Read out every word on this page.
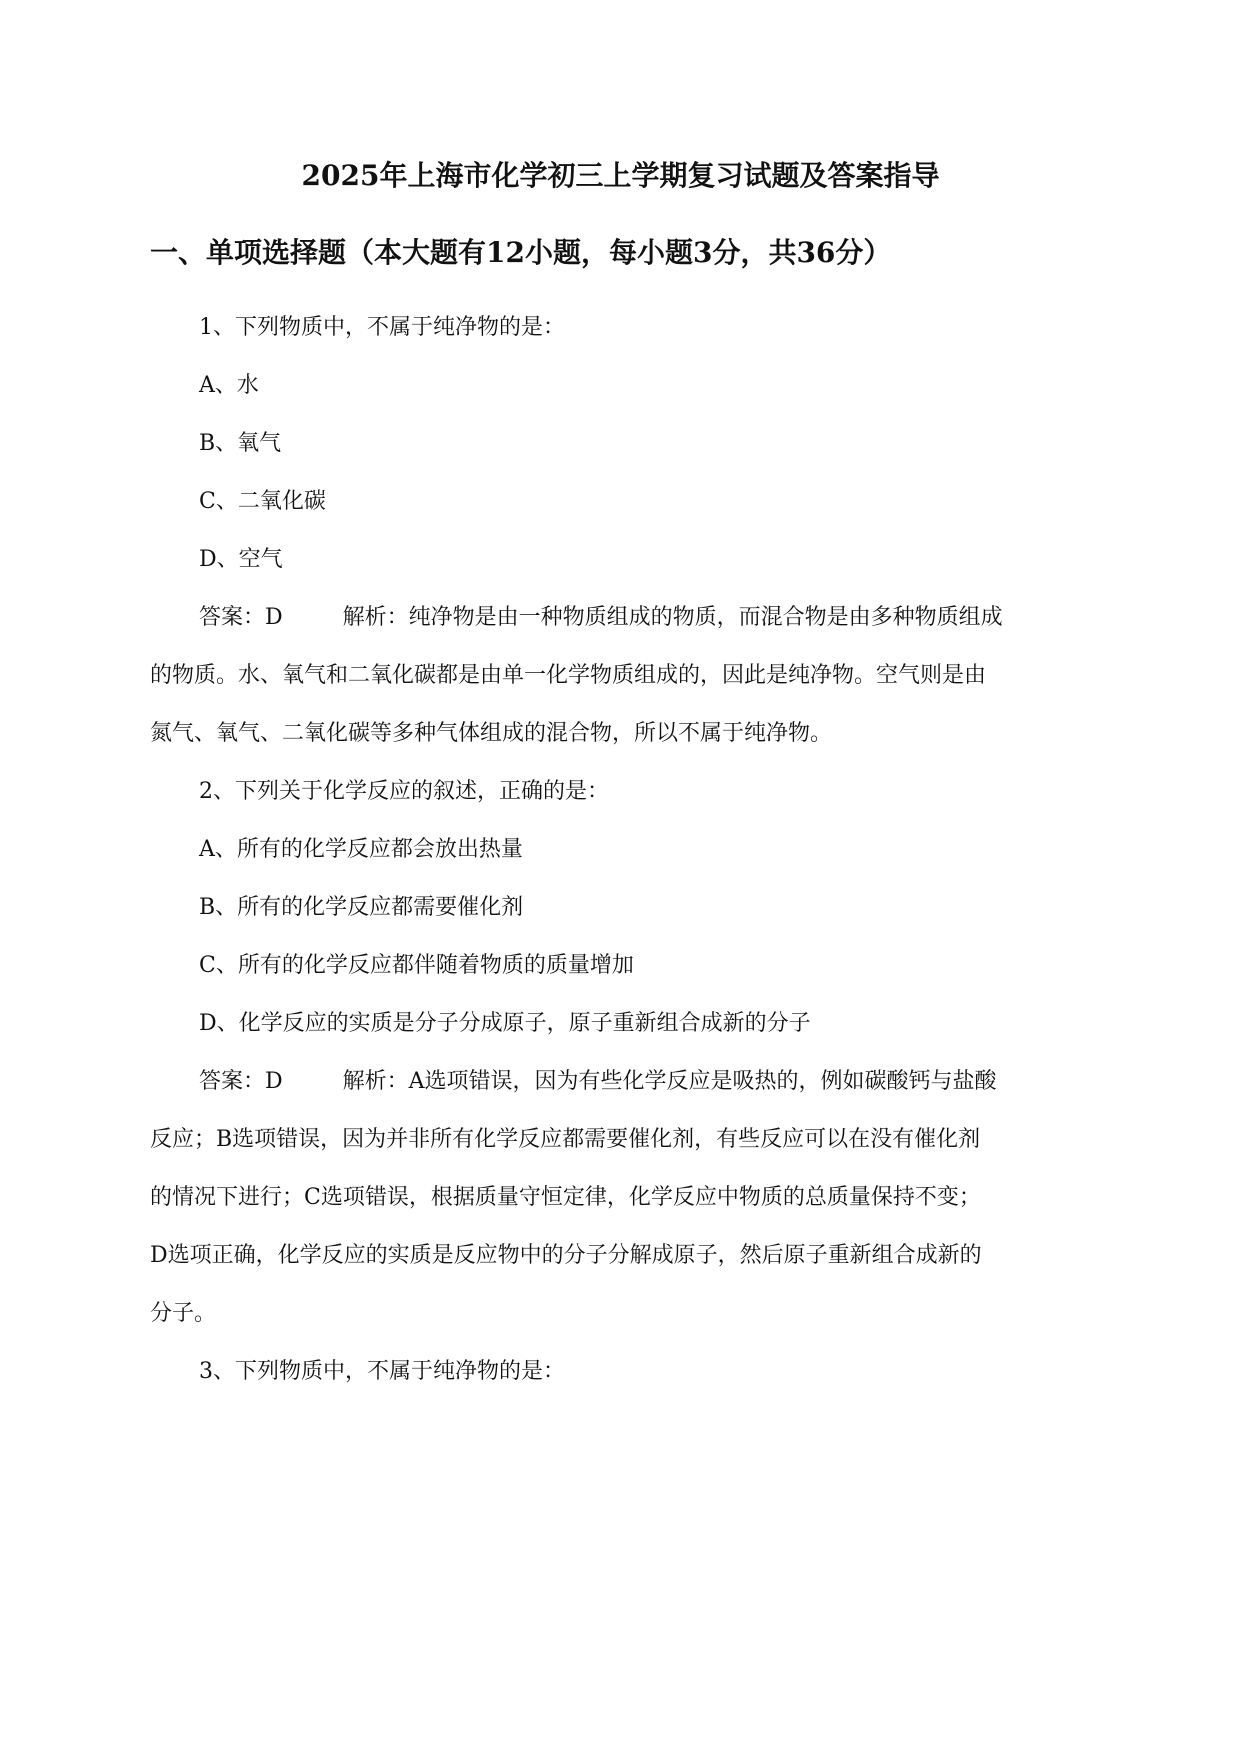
2025年上海市化学初三上学期复习试题及答案指导
一、单项选择题（本大题有12小题，每小题3分，共36分）
1、下列物质中，不属于纯净物的是：
A、水
B、氧气
C、二氧化碳
D、空气
答案：D	解析：纯净物是由一种物质组成的物质，而混合物是由多种物质组成
的物质。水、氧气和二氧化碳都是由单一化学物质组成的，因此是纯净物。空气则是由
氮气、氧气、二氧化碳等多种气体组成的混合物，所以不属于纯净物。
2、下列关于化学反应的叙述，正确的是：
A、所有的化学反应都会放出热量
B、所有的化学反应都需要催化剂
C、所有的化学反应都伴随着物质的质量增加
D、化学反应的实质是分子分成原子，原子重新组合成新的分子
答案：D	解析：A选项错误，因为有些化学反应是吸热的，例如碳酸钙与盐酸
反应；B选项错误，因为并非所有化学反应都需要催化剂，有些反应可以在没有催化剂
的情况下进行；C选项错误，根据质量守恒定律，化学反应中物质的总质量保持不变；
D选项正确，化学反应的实质是反应物中的分子分解成原子，然后原子重新组合成新的
分子。
3、下列物质中，不属于纯净物的是：
